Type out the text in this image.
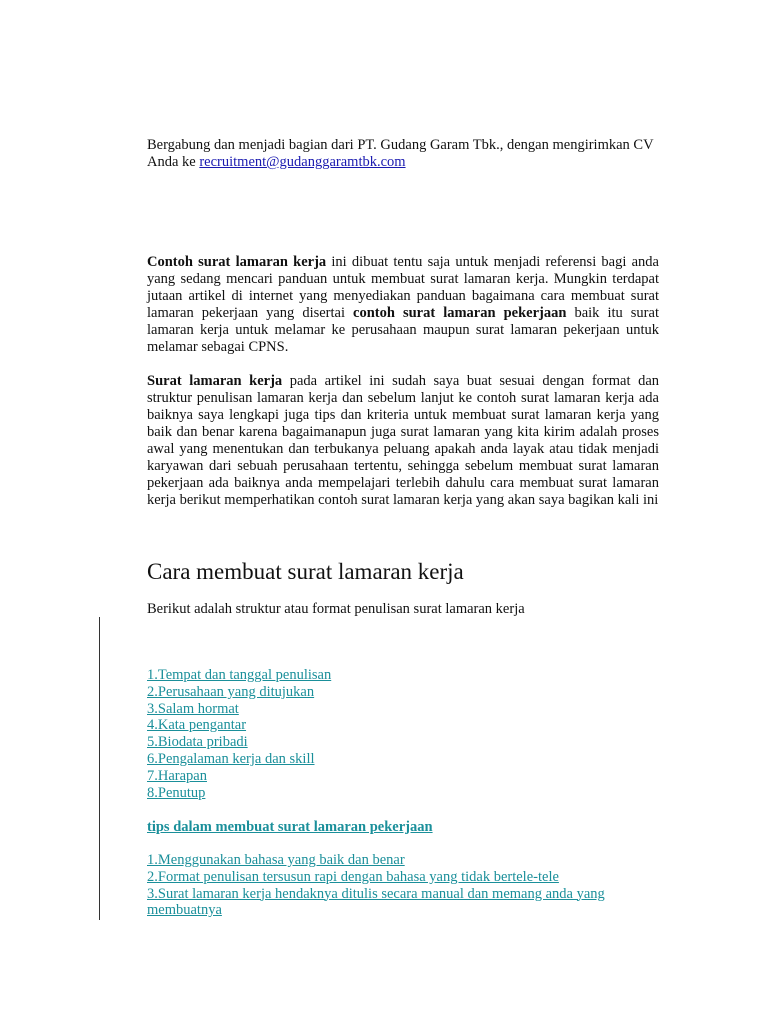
Bergabung dan menjadi bagian dari PT. Gudang Garam Tbk., dengan mengirimkan CV Anda ke recruitment@gudanggaramtbk.com

Contoh surat lamaran kerja ini dibuat tentu saja untuk menjadi referensi bagi anda yang sedang mencari panduan untuk membuat surat lamaran kerja. Mungkin terdapat jutaan artikel di internet yang menyediakan panduan bagaimana cara membuat surat lamaran pekerjaan yang disertai contoh surat lamaran pekerjaan baik itu surat lamaran kerja untuk melamar ke perusahaan maupun surat lamaran pekerjaan untuk melamar sebagai CPNS.

Surat lamaran kerja pada artikel ini sudah saya buat sesuai dengan format dan struktur penulisan lamaran kerja dan sebelum lanjut ke contoh surat lamaran kerja ada baiknya saya lengkapi juga tips dan kriteria untuk membuat surat lamaran kerja yang baik dan benar karena bagaimanapun juga surat lamaran yang kita kirim adalah proses awal yang menentukan dan terbukanya peluang apakah anda layak atau tidak menjadi karyawan dari sebuah perusahaan tertentu, sehingga sebelum membuat surat lamaran pekerjaan ada baiknya anda mempelajari terlebih dahulu cara membuat surat lamaran kerja berikut memperhatikan contoh surat lamaran kerja yang akan saya bagikan kali ini

Cara membuat surat lamaran kerja

Berikut adalah struktur atau format penulisan surat lamaran kerja

1.Tempat dan tanggal penulisan
2.Perusahaan yang ditujukan
3.Salam hormat
4.Kata pengantar
5.Biodata pribadi
6.Pengalaman kerja dan skill
7.Harapan
8.Penutup
tips dalam membuat surat lamaran pekerjaan
1.Menggunakan bahasa yang baik dan benar
2.Format penulisan tersusun rapi dengan bahasa yang tidak bertele-tele
3.Surat lamaran kerja hendaknya ditulis secara manual dan memang anda yang membuatnya
